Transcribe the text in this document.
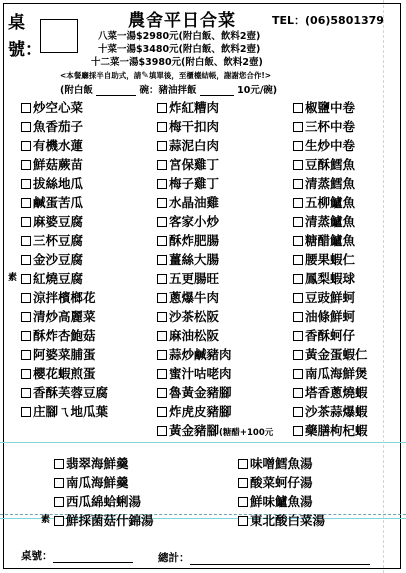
桌號：
農舍平日合菜	TEL：(06)5801379
八菜一湯$2980元(附白飯、飲料2壺)
十菜一湯$3480元(附白飯、飲料2壺)
十二菜一湯$3980元(附白飯、飲料2壺)
<本餐廳採半自助式，請✎填單後，至櫃檯結帳，謝謝您合作!>
(附白飯	碗：豬油拌飯	10元/碗)
炒空心菜
魚香茄子
有機水蓮
鮮菇蕨苗
拔絲地瓜
鹹蛋苦瓜
麻婆豆腐
三杯豆腐
金沙豆腐
素 紅燒豆腐
涼拌檳榔花
清炒高麗菜
酥炸杏鮑菇
阿婆菜脯蛋
櫻花蝦煎蛋
香酥芙蓉豆腐
庄腳ㄟ地瓜葉
炸紅糟肉
梅干扣肉
蒜泥白肉
宮保雞丁
梅子雞丁
水晶油雞
客家小炒
酥炸肥腸
薑絲大腸
五更腸旺
蔥爆牛肉
沙茶松阪
麻油松阪
蒜炒鹹豬肉
蜜汁咕咾肉
魯黃金豬腳
炸虎皮豬腳
黃金豬腳(糖醋+100元
椒鹽中卷
三杯中卷
生炒中卷
豆酥鱈魚
清蒸鱈魚
五柳鱸魚
清蒸鱸魚
糖醋鱸魚
腰果蝦仁
鳳梨蝦球
豆豉鮮蚵
油條鮮蚵
香酥蚵仔
黃金蛋蝦仁
南瓜海鮮煲
塔香蔥燒蝦
沙茶蒜爆蝦
藥膳枸杞蝦
翡翠海鮮羹
南瓜海鮮羹
西瓜綿蛤蜊湯
素 鮮採菌菇什錦湯
味噌鱈魚湯
酸菜蚵仔湯
鮮味鱸魚湯
東北酸白菜湯
桌號：	總計：
